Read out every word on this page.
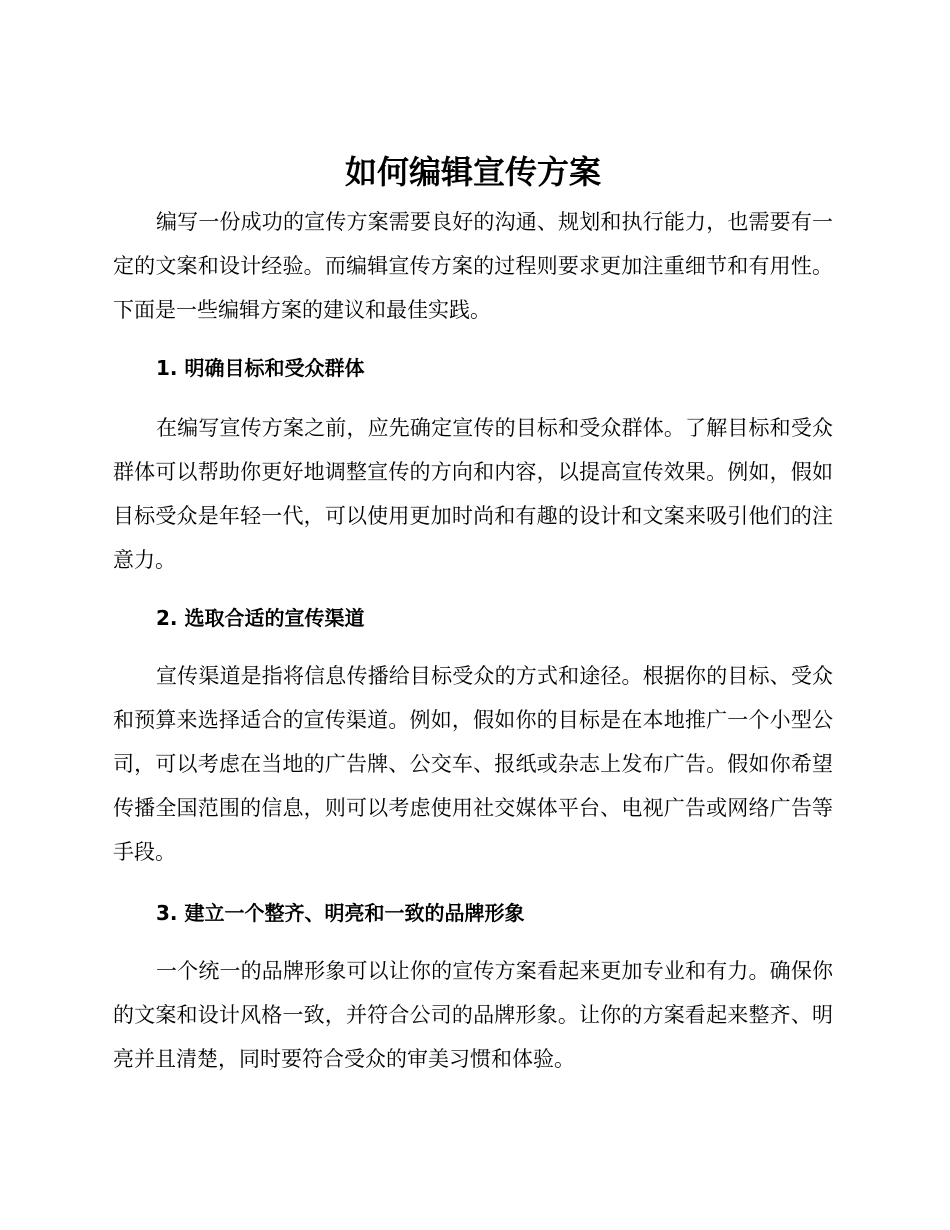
如何编辑宣传方案

编写一份成功的宣传方案需要良好的沟通、规划和执行能力，也需要有一定的文案和设计经验。而编辑宣传方案的过程则要求更加注重细节和有用性。下面是一些编辑方案的建议和最佳实践。

1. 明确目标和受众群体

在编写宣传方案之前，应先确定宣传的目标和受众群体。了解目标和受众群体可以帮助你更好地调整宣传的方向和内容，以提高宣传效果。例如，假如目标受众是年轻一代，可以使用更加时尚和有趣的设计和文案来吸引他们的注意力。

2. 选取合适的宣传渠道

宣传渠道是指将信息传播给目标受众的方式和途径。根据你的目标、受众和预算来选择适合的宣传渠道。例如，假如你的目标是在本地推广一个小型公司，可以考虑在当地的广告牌、公交车、报纸或杂志上发布广告。假如你希望传播全国范围的信息，则可以考虑使用社交媒体平台、电视广告或网络广告等手段。

3. 建立一个整齐、明亮和一致的品牌形象

一个统一的品牌形象可以让你的宣传方案看起来更加专业和有力。确保你的文案和设计风格一致，并符合公司的品牌形象。让你的方案看起来整齐、明亮并且清楚，同时要符合受众的审美习惯和体验。
